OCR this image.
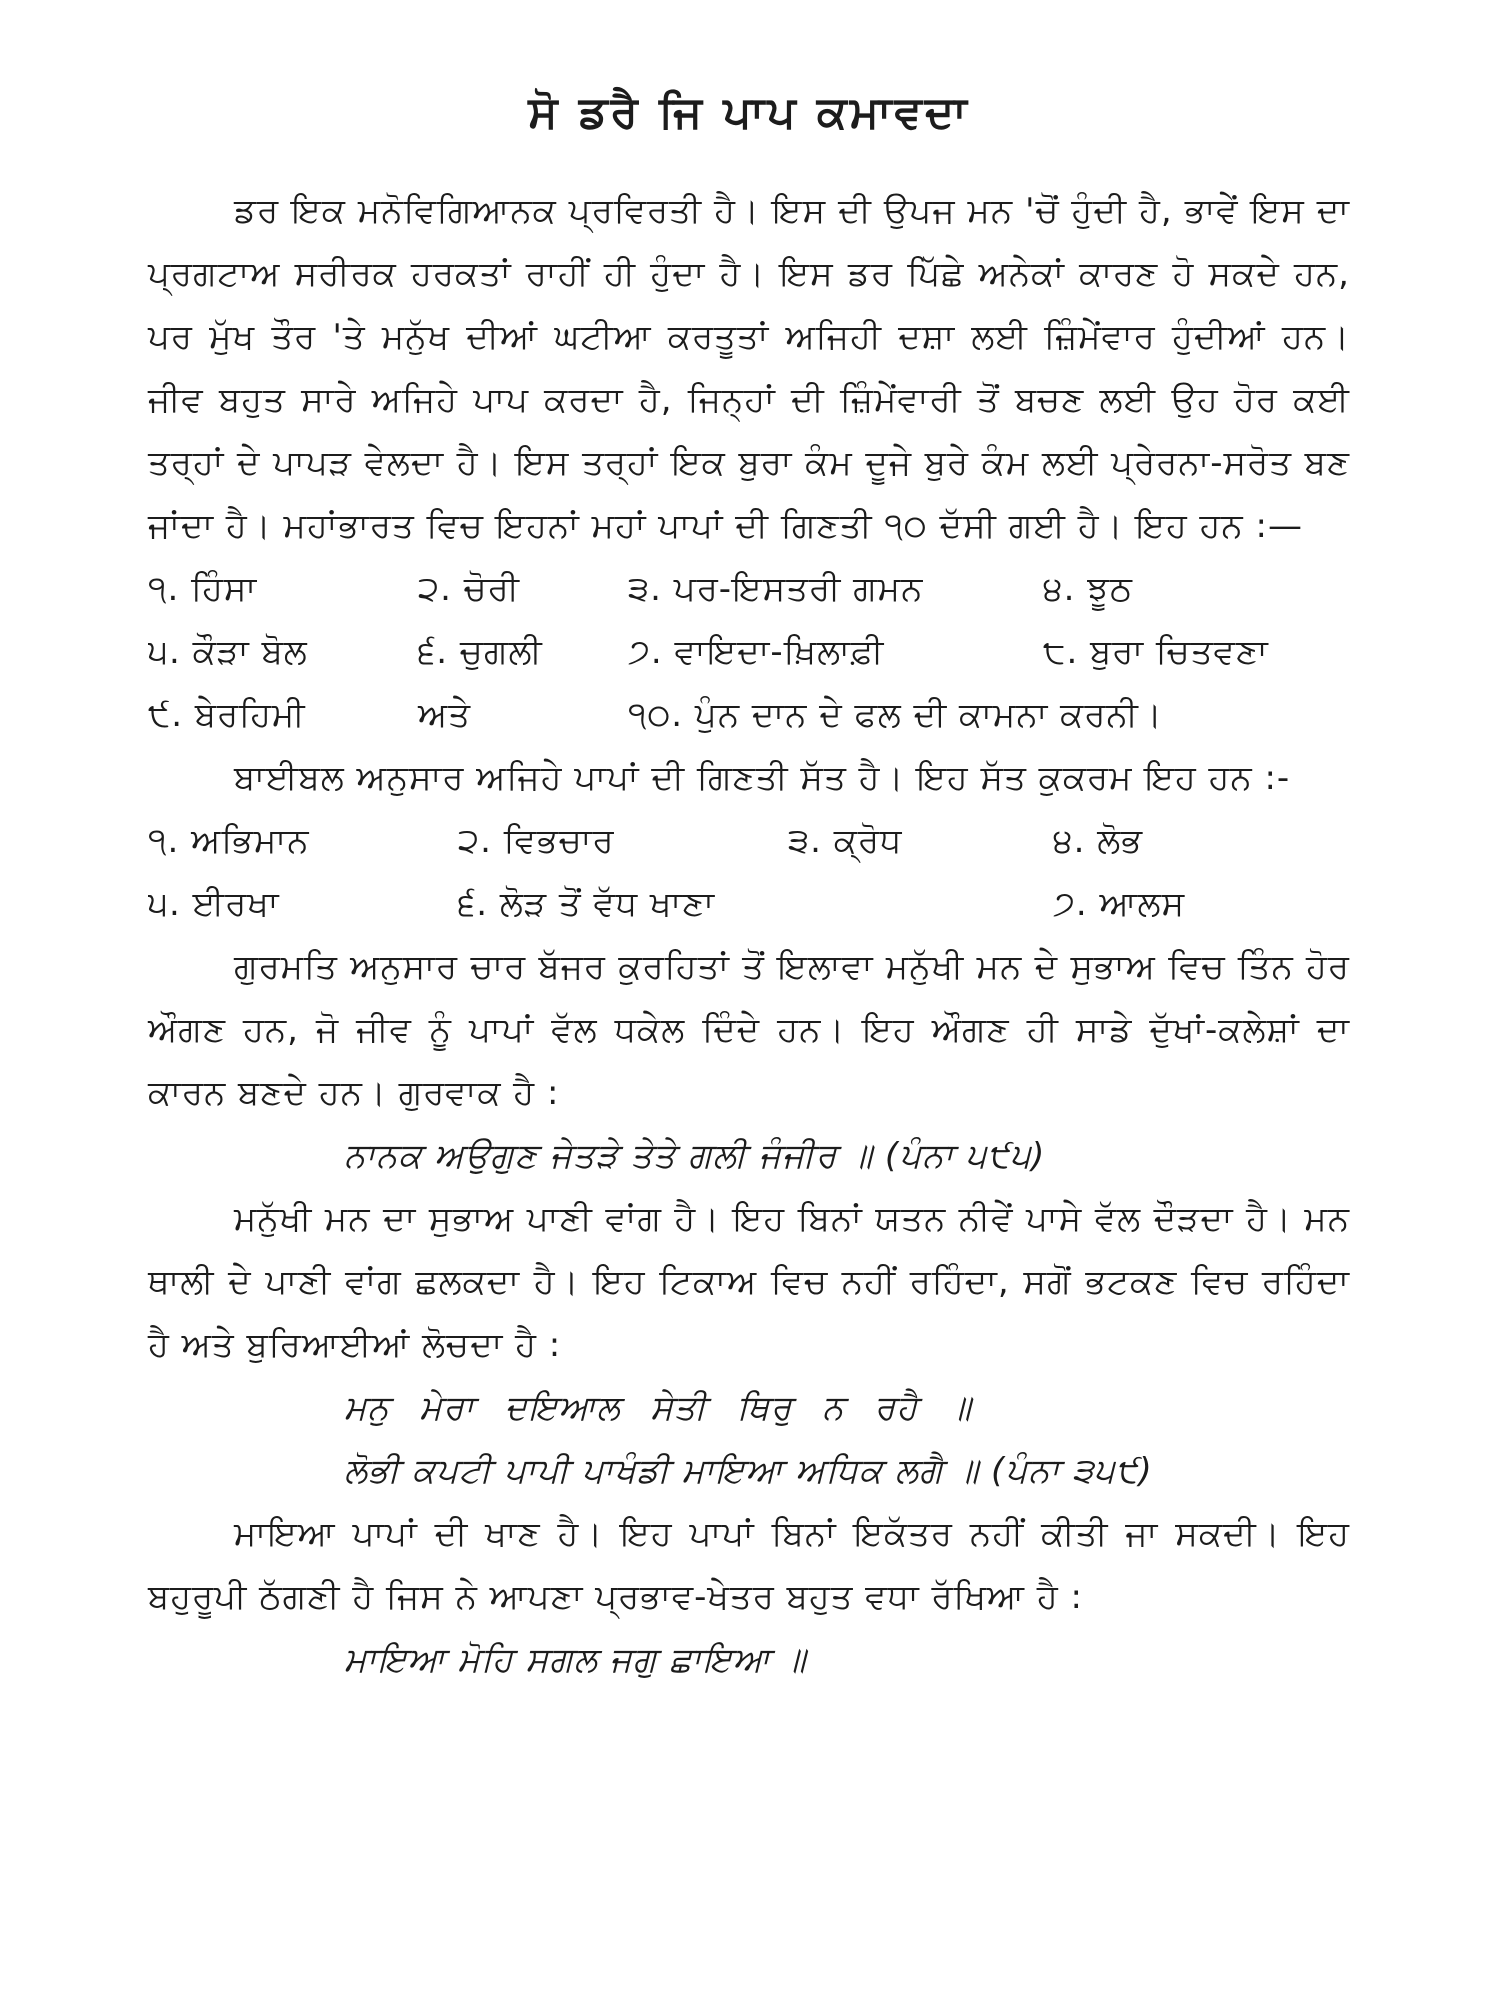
ਸੋ ਡਰੈ ਜਿ ਪਾਪ ਕਮਾਵਦਾ

ਡਰ ਇਕ ਮਨੋਵਿਗਿਆਨਕ ਪ੍ਰਵਿਰਤੀ ਹੈ। ਇਸ ਦੀ ਉਪਜ ਮਨ 'ਚੋਂ ਹੁੰਦੀ ਹੈ, ਭਾਵੇਂ ਇਸ ਦਾ ਪ੍ਰਗਟਾਅ ਸਰੀਰਕ ਹਰਕਤਾਂ ਰਾਹੀਂ ਹੀ ਹੁੰਦਾ ਹੈ। ਇਸ ਡਰ ਪਿੱਛੇ ਅਨੇਕਾਂ ਕਾਰਣ ਹੋ ਸਕਦੇ ਹਨ, ਪਰ ਮੁੱਖ ਤੌਰ 'ਤੇ ਮਨੁੱਖ ਦੀਆਂ ਘਟੀਆ ਕਰਤੂਤਾਂ ਅਜਿਹੀ ਦਸ਼ਾ ਲਈ ਜ਼ਿੰਮੇਂਵਾਰ ਹੁੰਦੀਆਂ ਹਨ। ਜੀਵ ਬਹੁਤ ਸਾਰੇ ਅਜਿਹੇ ਪਾਪ ਕਰਦਾ ਹੈ, ਜਿਨ੍ਹਾਂ ਦੀ ਜ਼ਿੰਮੇਂਵਾਰੀ ਤੋਂ ਬਚਣ ਲਈ ਉਹ ਹੋਰ ਕਈ ਤਰ੍ਹਾਂ ਦੇ ਪਾਪੜ ਵੇਲਦਾ ਹੈ। ਇਸ ਤਰ੍ਹਾਂ ਇਕ ਬੁਰਾ ਕੰਮ ਦੂਜੇ ਬੁਰੇ ਕੰਮ ਲਈ ਪ੍ਰੇਰਨਾ-ਸਰੋਤ ਬਣ ਜਾਂਦਾ ਹੈ। ਮਹਾਂਭਾਰਤ ਵਿਚ ਇਹਨਾਂ ਮਹਾਂ ਪਾਪਾਂ ਦੀ ਗਿਣਤੀ ੧੦ ਦੱਸੀ ਗਈ ਹੈ। ਇਹ ਹਨ :—

੧. ਹਿੰਸਾ	੨. ਚੋਰੀ	੩. ਪਰ-ਇਸਤਰੀ ਗਮਨ	੪. ਝੂਠ
੫. ਕੌੜਾ ਬੋਲ	੬. ਚੁਗਲੀ	੭. ਵਾਇਦਾ-ਖ਼ਿਲਾਫ਼ੀ	੮. ਬੁਰਾ ਚਿਤਵਣਾ
੯. ਬੇਰਹਿਮੀ	ਅਤੇ	੧੦. ਪੁੰਨ ਦਾਨ ਦੇ ਫਲ ਦੀ ਕਾਮਨਾ ਕਰਨੀ।

ਬਾਈਬਲ ਅਨੁਸਾਰ ਅਜਿਹੇ ਪਾਪਾਂ ਦੀ ਗਿਣਤੀ ਸੱਤ ਹੈ। ਇਹ ਸੱਤ ਕੁਕਰਮ ਇਹ ਹਨ :-

੧. ਅਭਿਮਾਨ	੨. ਵਿਭਚਾਰ	੩. ਕ੍ਰੋਧ	੪. ਲੋਭ
੫. ਈਰਖਾ	੬. ਲੋੜ ਤੋਂ ਵੱਧ ਖਾਣਾ	੭. ਆਲਸ

ਗੁਰਮਤਿ ਅਨੁਸਾਰ ਚਾਰ ਬੱਜਰ ਕੁਰਹਿਤਾਂ ਤੋਂ ਇਲਾਵਾ ਮਨੁੱਖੀ ਮਨ ਦੇ ਸੁਭਾਅ ਵਿਚ ਤਿੰਨ ਹੋਰ ਔਗਣ ਹਨ, ਜੋ ਜੀਵ ਨੂੰ ਪਾਪਾਂ ਵੱਲ ਧਕੇਲ ਦਿੰਦੇ ਹਨ। ਇਹ ਔਗਣ ਹੀ ਸਾਡੇ ਦੁੱਖਾਂ-ਕਲੇਸ਼ਾਂ ਦਾ ਕਾਰਨ ਬਣਦੇ ਹਨ। ਗੁਰਵਾਕ ਹੈ :

ਨਾਨਕ ਅਉਗੁਣ ਜੇਤੜੇ ਤੇਤੇ ਗਲੀ ਜੰਜੀਰ ॥ (ਪੰਨਾ ੫੯੫)

ਮਨੁੱਖੀ ਮਨ ਦਾ ਸੁਭਾਅ ਪਾਣੀ ਵਾਂਗ ਹੈ। ਇਹ ਬਿਨਾਂ ਯਤਨ ਨੀਵੇਂ ਪਾਸੇ ਵੱਲ ਦੌੜਦਾ ਹੈ। ਮਨ ਥਾਲੀ ਦੇ ਪਾਣੀ ਵਾਂਗ ਛਲਕਦਾ ਹੈ। ਇਹ ਟਿਕਾਅ ਵਿਚ ਨਹੀਂ ਰਹਿੰਦਾ, ਸਗੋਂ ਭਟਕਣ ਵਿਚ ਰਹਿੰਦਾ ਹੈ ਅਤੇ ਬੁਰਿਆਈਆਂ ਲੋਚਦਾ ਹੈ :

ਮਨੁ ਮੇਰਾ ਦਇਆਲ ਸੇਤੀ ਥਿਰੁ ਨ ਰਹੈ ॥

ਲੋਭੀ ਕਪਟੀ ਪਾਪੀ ਪਾਖੰਡੀ ਮਾਇਆ ਅਧਿਕ ਲਗੈ ॥ (ਪੰਨਾ ੩੫੯)

ਮਾਇਆ ਪਾਪਾਂ ਦੀ ਖਾਣ ਹੈ। ਇਹ ਪਾਪਾਂ ਬਿਨਾਂ ਇਕੱਤਰ ਨਹੀਂ ਕੀਤੀ ਜਾ ਸਕਦੀ। ਇਹ ਬਹੁਰੂਪੀ ਠੱਗਣੀ ਹੈ ਜਿਸ ਨੇ ਆਪਣਾ ਪ੍ਰਭਾਵ-ਖੇਤਰ ਬਹੁਤ ਵਧਾ ਰੱਖਿਆ ਹੈ :

ਮਾਇਆ ਮੋਹਿ ਸਗਲ ਜਗੁ ਛਾਇਆ ॥
